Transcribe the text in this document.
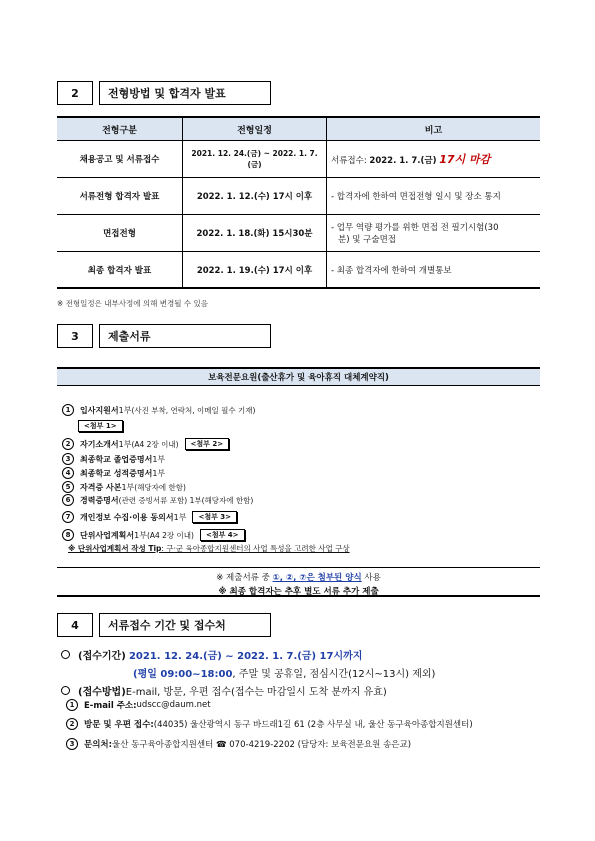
2	전형방법 및 합격자 발표
전형구분	전형일정	비고
채용공고 및 서류접수	2021. 12. 24.(금) ~ 2022. 1. 7.(금)	서류접수: 2022. 1. 7.(금) 17시 마감
서류전형 합격자 발표	2022. 1. 12.(수) 17시 이후	- 합격자에 한하여 면접전형 일시 및 장소 통지
면접전형	2022. 1. 18.(화) 15시30분	- 업무 역량 평가를 위한 면접 전 필기시험(30
분) 및 구술면접

최종 합격자 발표	2022. 1. 19.(수) 17시 이후	- 최종 합격자에 한하여 개별통보
※ 전형일정은 내부사정에 의해 변경될 수 있음
3	제출서류
보육전문요원(출산휴가 및 육아휴직 대체계약직)
1	입사지원서 1부 (사진 부착, 연락처, 이메일 필수 기재)
<첨부 1>
2	자기소개서 1부 (A4 2장 이내)	<첨부 2>
3	최종학교 졸업증명서 1부
4	최종학교 성적증명서 1부
5	자격증 사본 1부 (해당자에 한함)
6	경력증명서 (관련 증빙서류 포함) 1부(해당자에 한함)
7	개인정보 수집·이용 동의서 1부	<첨부 3>
8	단위사업계획서 1부 (A4 2장 이내)	<첨부 4>
※ 단위사업계획서 작성 Tip : 구·군 육아종합지원센터의 사업 특성을 고려한 사업 구상
※ 제출서류 중 ①, ②, ⑦은 첨부된 양식 사용
※ 최종 합격자는 추후 별도 서류 추가 제출
4	서류접수 기간 및 접수처
(접수기간)
2021. 12. 24.(금) ~ 2022. 1. 7.(금) 17시까지
(평일 09:00~18:00 , 주말 및 공휴일, 점심시간(12시~13시) 제외)
(접수방법) E-mail, 방문, 우편 접수(접수는 마감일시 도착 분까지 유효)
1	E-mail 주소: udscc@daum.net
2	방문 및 우편 접수: (44035) 울산광역시 동구 바드래1길 61 (2층 사무실 내, 울산 동구육아종합지원센터)
3	문의처: 울산 동구육아종합지원센터 ☎ 070-4219-2202 (담당자: 보육전문요원 송은교)
